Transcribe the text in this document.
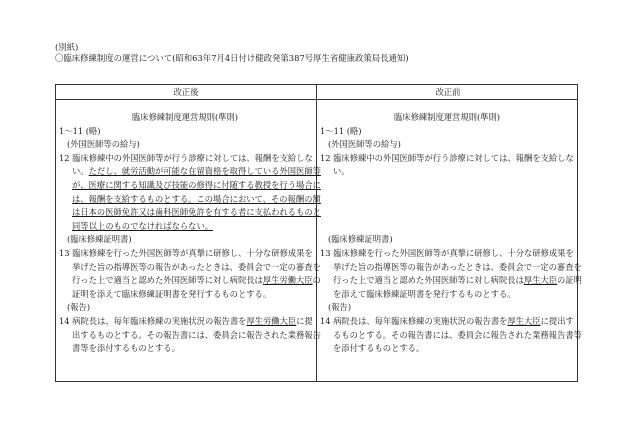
(別紙)
〇臨床修練制度の運営について(昭和63年7月4日付け健政発第387号厚生省健康政策局長通知)
改正後	改正前
臨床修練制度運営規則(準則)
1〜11 (略)
(外国医師等の給与)
12 臨床修練中の外国医師等が行う診療に対しては、報酬を支給しな
い。ただし、就労活動が可能な在留資格を取得している外国医師等
が、医療に関する知識及び技能の修得に付随する教授を行う場合に
は、報酬を支給するものとする。この場合において、その報酬の額
は日本の医師免許又は歯科医師免許を有する者に支払われるものと
同等以上のものでなければならない。
(臨床修練証明書)
13 臨床修練を行った外国医師等が真摯に研修し、十分な研修成果を
挙げた旨の指導医等の報告があったときは、委員会で一定の審査を
行った上で適当と認めた外国医師等に対し病院長は厚生労働大臣の
証明を添えて臨床修練証明書を発行するものとする。
(報告)
14 病院長は、毎年臨床修練の実施状況の報告書を厚生労働大臣に提
出するものとする。その報告書には、委員会に報告された業務報告
書等を添付するものとする。
臨床修練制度運営規則(準則)
1〜11 (略)
(外国医師等の給与)
12 臨床修練中の外国医師等が行う診療に対しては、報酬を支給しな
い。
(臨床修練証明書)
13 臨床修練を行った外国医師等が真摯に研修し、十分な研修成果を
挙げた旨の指導医等の報告があったときは、委員会で一定の審査を
行った上で適当と認めた外国医師等に対し病院長は厚生大臣の証明
を添えて臨床修練証明書を発行するものとする。
(報告)
14 病院長は、毎年臨床修練の実施状況の報告書を厚生大臣に提出す
るものとする。その報告書には、委員会に報告された業務報告書等
を添付するものとする。
